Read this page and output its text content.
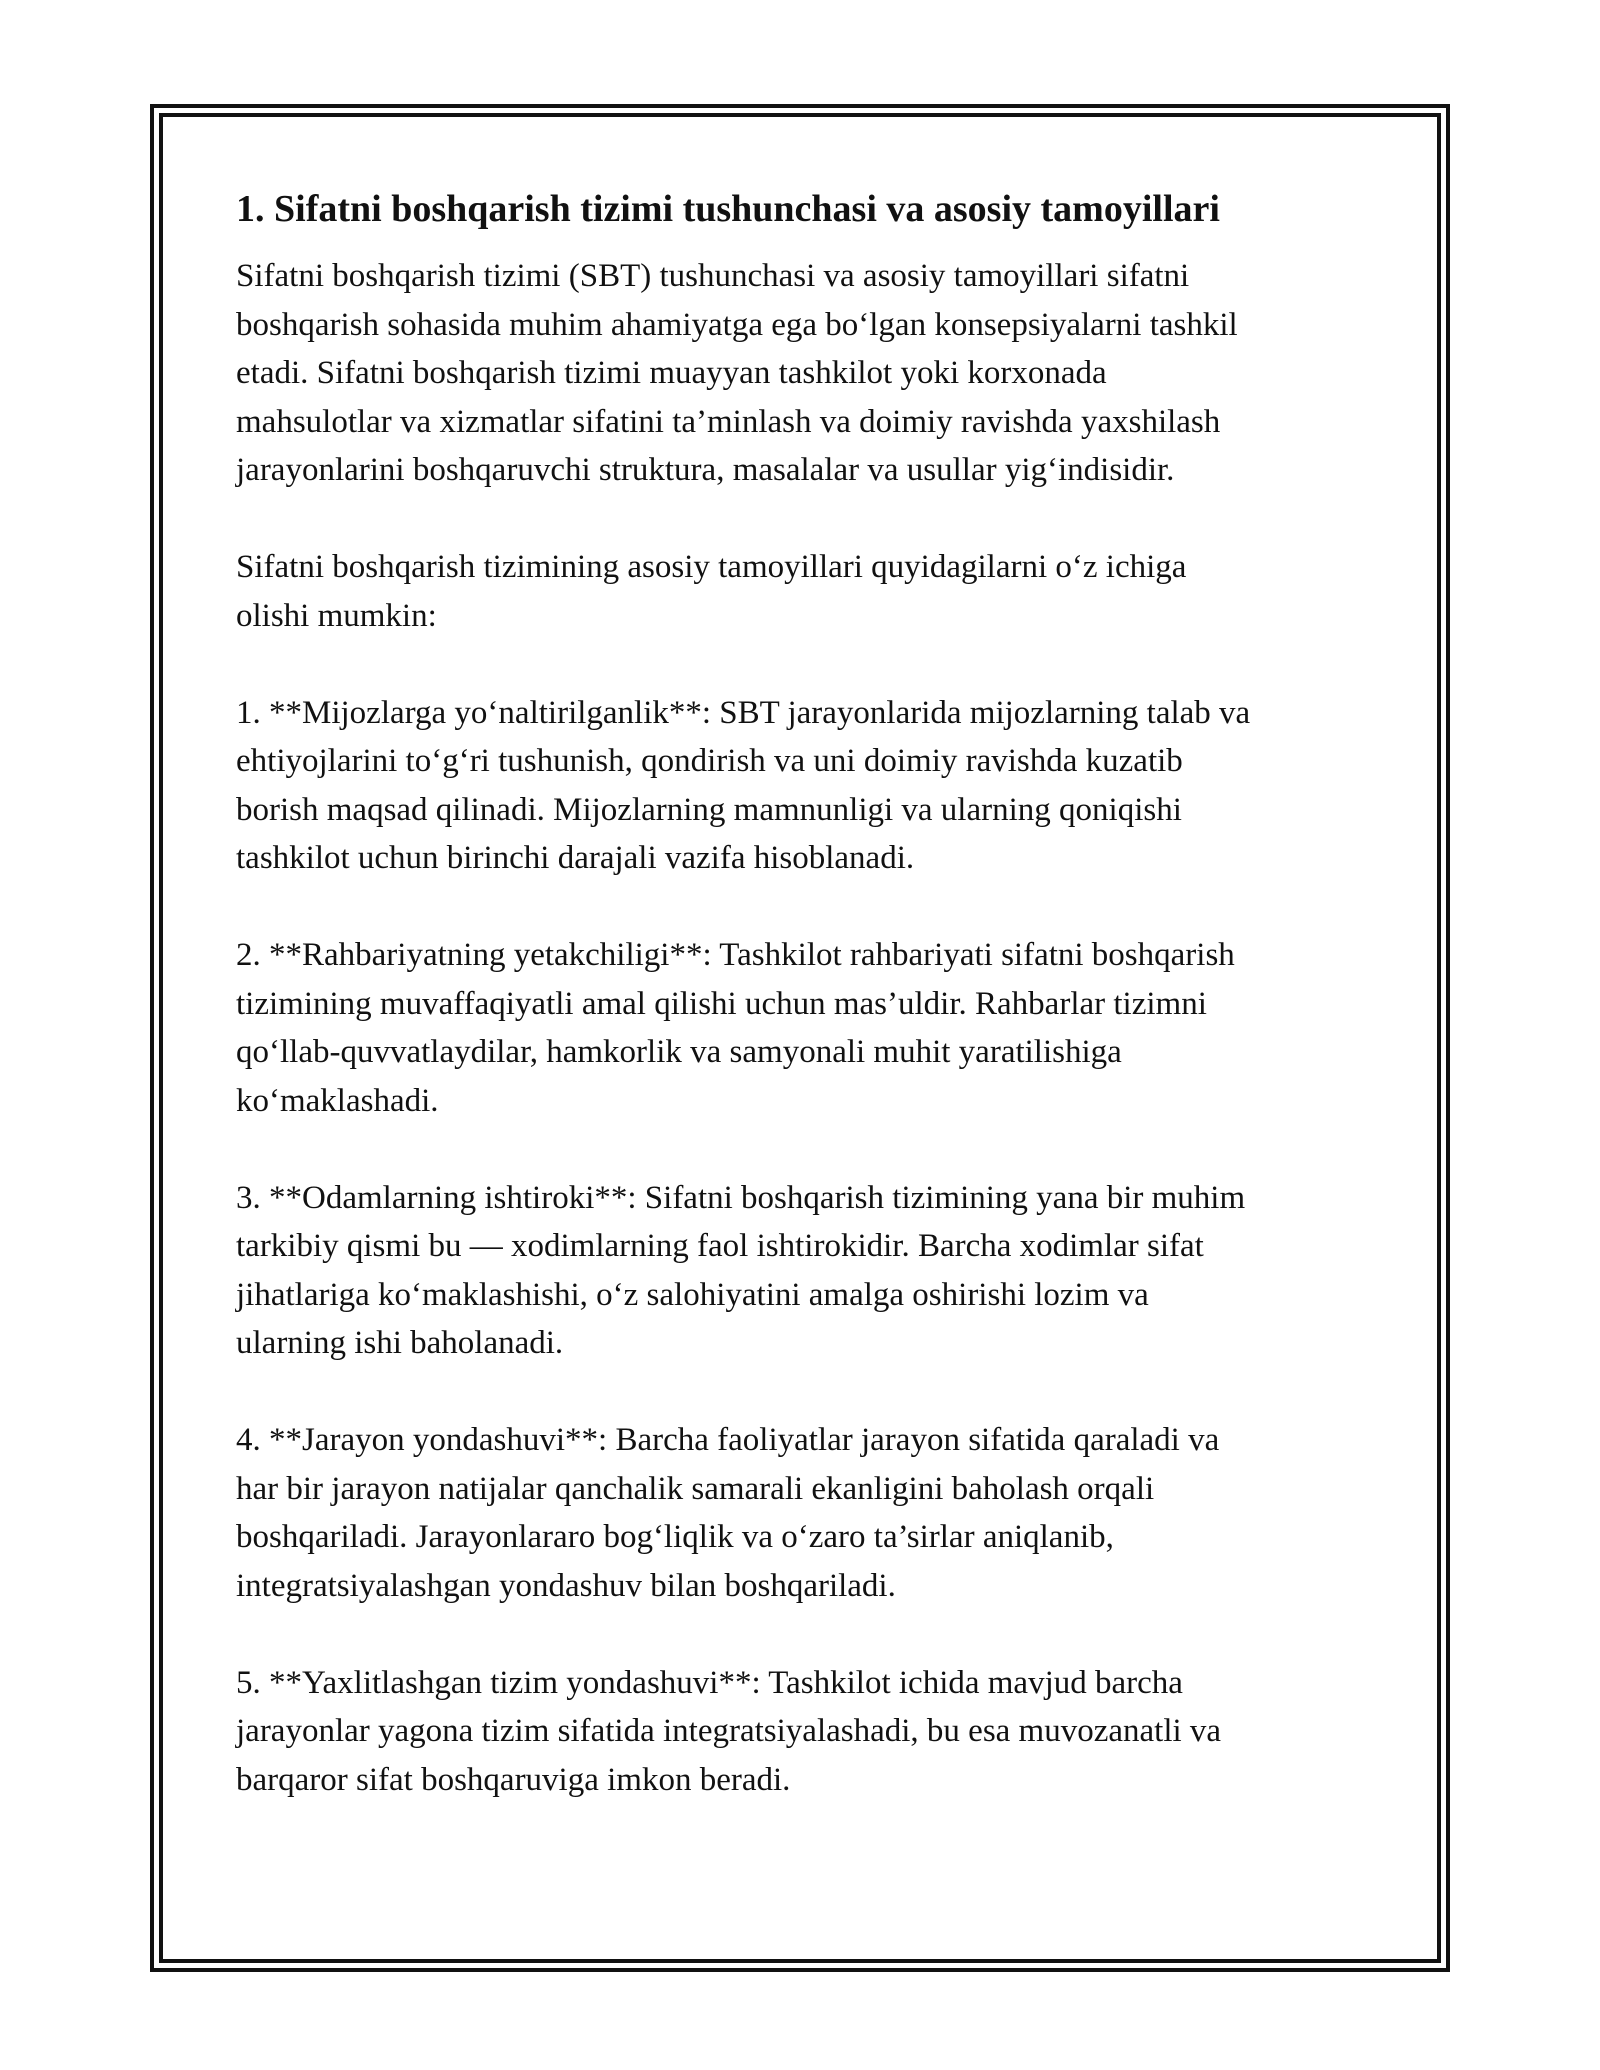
1. Sifatni boshqarish tizimi tushunchasi va asosiy tamoyillari
Sifatni boshqarish tizimi (SBT) tushunchasi va asosiy tamoyillari sifatni
boshqarish sohasida muhim ahamiyatga ega bo‘lgan konsepsiyalarni tashkil
etadi. Sifatni boshqarish tizimi muayyan tashkilot yoki korxonada
mahsulotlar va xizmatlar sifatini ta’minlash va doimiy ravishda yaxshilash
jarayonlarini boshqaruvchi struktura, masalalar va usullar yig‘indisidir.
Sifatni boshqarish tizimining asosiy tamoyillari quyidagilarni o‘z ichiga
olishi mumkin:
1. **Mijozlarga yo‘naltirilganlik**: SBT jarayonlarida mijozlarning talab va
ehtiyojlarini to‘g‘ri tushunish, qondirish va uni doimiy ravishda kuzatib
borish maqsad qilinadi. Mijozlarning mamnunligi va ularning qoniqishi
tashkilot uchun birinchi darajali vazifa hisoblanadi.
2. **Rahbariyatning yetakchiligi**: Tashkilot rahbariyati sifatni boshqarish
tizimining muvaffaqiyatli amal qilishi uchun mas’uldir. Rahbarlar tizimni
qo‘llab-quvvatlaydilar, hamkorlik va samyonali muhit yaratilishiga
ko‘maklashadi.
3. **Odamlarning ishtiroki**: Sifatni boshqarish tizimining yana bir muhim
tarkibiy qismi bu — xodimlarning faol ishtirokidir. Barcha xodimlar sifat
jihatlariga ko‘maklashishi, o‘z salohiyatini amalga oshirishi lozim va
ularning ishi baholanadi.
4. **Jarayon yondashuvi**: Barcha faoliyatlar jarayon sifatida qaraladi va
har bir jarayon natijalar qanchalik samarali ekanligini baholash orqali
boshqariladi. Jarayonlararo bog‘liqlik va o‘zaro ta’sirlar aniqlanib,
integratsiyalashgan yondashuv bilan boshqariladi.
5. **Yaxlitlashgan tizim yondashuvi**: Tashkilot ichida mavjud barcha
jarayonlar yagona tizim sifatida integratsiyalashadi, bu esa muvozanatli va
barqaror sifat boshqaruviga imkon beradi.
